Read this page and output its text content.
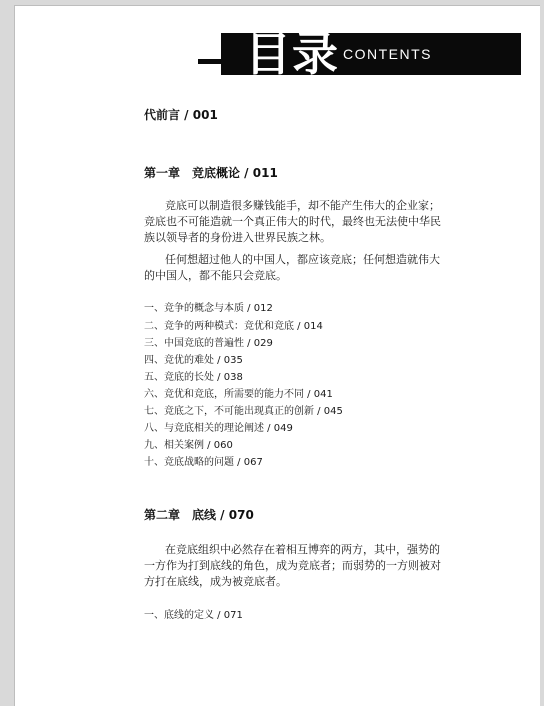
目录 CONTENTS
代前言 / 001
第一章　竞底概论 / 011
竞底可以制造很多赚钱能手，却不能产生伟大的企业家；
竞底也不可能造就一个真正伟大的时代，最终也无法使中华民
族以领导者的身份进入世界民族之林。
任何想超过他人的中国人，都应该竞底；任何想造就伟大
的中国人，都不能只会竞底。
一、竞争的概念与本质 / 012
二、竞争的两种模式：竞优和竞底 / 014
三、中国竞底的普遍性 / 029
四、竞优的难处 / 035
五、竞底的长处 / 038
六、竞优和竞底，所需要的能力不同 / 041
七、竞底之下，不可能出现真正的创新 / 045
八、与竞底相关的理论阐述 / 049
九、相关案例 / 060
十、竞底战略的问题 / 067
第二章　底线 / 070
在竞底组织中必然存在着相互博弈的两方，其中，强势的
一方作为打到底线的角色，成为竞底者；而弱势的一方则被对
方打在底线，成为被竞底者。
一、底线的定义 / 071
